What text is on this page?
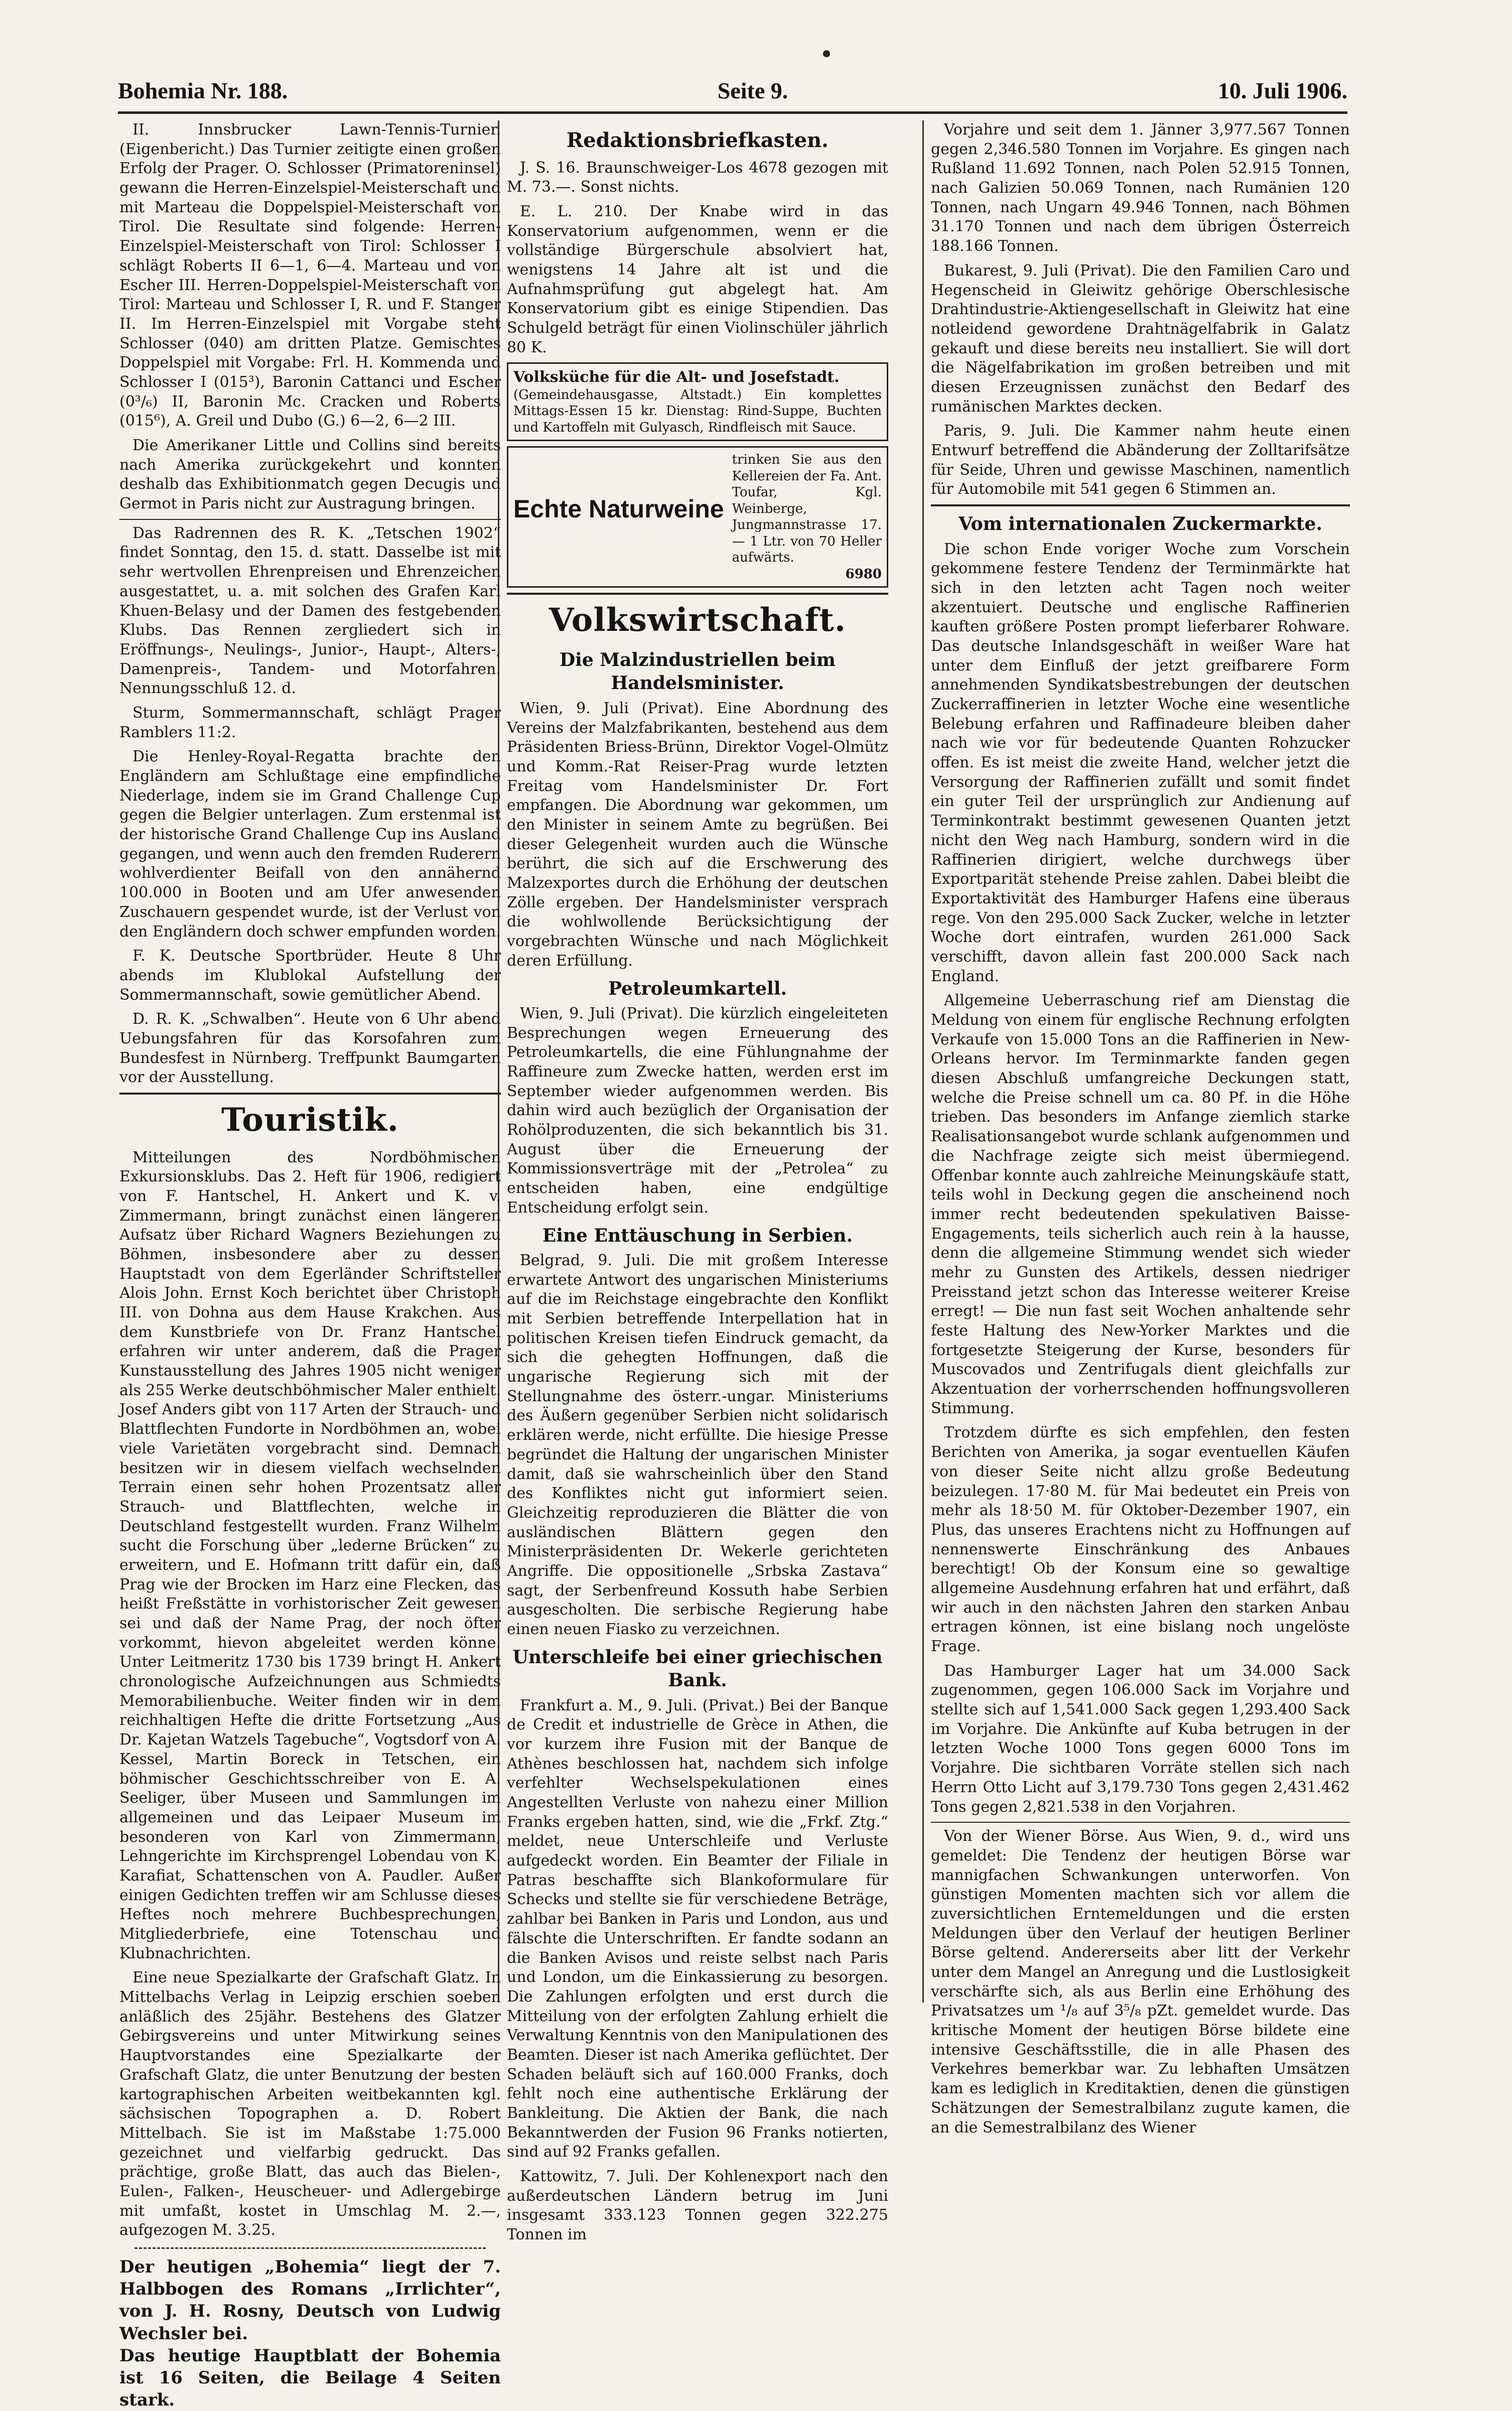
Bohemia Nr. 188.	Seite 9.	10. Juli 1906.

II. Innsbrucker Lawn-Tennis-Turnier. (Eigenbericht.) Das Turnier zeitigte einen großen Erfolg der Prager. O. Schlosser (Primatoreninsel) gewann die Herren-Einzelspiel-Meisterschaft und mit Marteau die Doppelspiel-Meisterschaft von Tirol. Die Resultate sind folgende: Herren-Einzelspiel-Meisterschaft von Tirol: Schlosser I schlägt Roberts II 6—1, 6—4. Marteau und von Escher III. Herren-Doppelspiel-Meisterschaft von Tirol: Marteau und Schlosser I, R. und F. Stanger II. Im Herren-Einzelspiel mit Vorgabe steht Schlosser (040) am dritten Platze. Gemischtes Doppelspiel mit Vorgabe: Frl. H. Kommenda und Schlosser I (015³), Baronin Cattanci und Escher (0³/₆) II, Baronin Mc. Cracken und Roberts (015⁶), A. Greil und Dubo (G.) 6—2, 6—2 III.

Die Amerikaner Little und Collins sind bereits nach Amerika zurückgekehrt und konnten deshalb das Exhibitionmatch gegen Decugis und Germot in Paris nicht zur Austragung bringen.

Das Radrennen des R. K. „Tetschen 1902“ findet Sonntag, den 15. d. statt. Dasselbe ist mit sehr wertvollen Ehrenpreisen und Ehrenzeichen ausgestattet, u. a. mit solchen des Grafen Karl Khuen-Belasy und der Damen des festgebenden Klubs. Das Rennen zergliedert sich in Eröffnungs-, Neulings-, Junior-, Haupt-, Alters-, Damenpreis-, Tandem- und Motorfahren. Nennungsschluß 12. d.

Sturm, Sommermannschaft, schlägt Prager Ramblers 11:2.

Die Henley-Royal-Regatta brachte den Engländern am Schlußtage eine empfindliche Niederlage, indem sie im Grand Challenge Cup gegen die Belgier unterlagen. Zum erstenmal ist der historische Grand Challenge Cup ins Ausland gegangen, und wenn auch den fremden Ruderern wohlverdienter Beifall von den annähernd 100.000 in Booten und am Ufer anwesenden Zuschauern gespendet wurde, ist der Verlust von den Engländern doch schwer empfunden worden.

F. K. Deutsche Sportbrüder. Heute 8 Uhr abends im Klublokal Aufstellung der Sommermannschaft, sowie gemütlicher Abend.

D. R. K. „Schwalben“. Heute von 6 Uhr abend Uebungsfahren für das Korsofahren zum Bundesfest in Nürnberg. Treffpunkt Baumgarten vor der Ausstellung.

Touristik.

Mitteilungen des Nordböhmischen Exkursionsklubs. Das 2. Heft für 1906, redigiert von F. Hantschel, H. Ankert und K. v. Zimmermann, bringt zunächst einen längeren Aufsatz über Richard Wagners Beziehungen zu Böhmen, insbesondere aber zu dessen Hauptstadt von dem Egerländer Schriftsteller Alois John. Ernst Koch berichtet über Christoph III. von Dohna aus dem Hause Krakchen. Aus dem Kunstbriefe von Dr. Franz Hantschel erfahren wir unter anderem, daß die Prager Kunstausstellung des Jahres 1905 nicht weniger als 255 Werke deutschböhmischer Maler enthielt. Josef Anders gibt von 117 Arten der Strauch- und Blattflechten Fundorte in Nordböhmen an, wobei viele Varietäten vorgebracht sind. Demnach besitzen wir in diesem vielfach wechselnden Terrain einen sehr hohen Prozentsatz aller Strauch- und Blattflechten, welche in Deutschland festgestellt wurden. Franz Wilhelm sucht die Forschung über „lederne Brücken“ zu erweitern, und E. Hofmann tritt dafür ein, daß Prag wie der Brocken im Harz eine Flecken, das heißt Freßstätte in vorhistorischer Zeit gewesen sei und daß der Name Prag, der noch öfter vorkommt, hievon abgeleitet werden könne. Unter Leitmeritz 1730 bis 1739 bringt H. Ankert chronologische Aufzeichnungen aus Schmiedts Memorabilienbuche. Weiter finden wir in dem reichhaltigen Hefte die dritte Fortsetzung „Aus Dr. Kajetan Watzels Tagebuche“, Vogtsdorf von A. Kessel, Martin Boreck in Tetschen, ein böhmischer Geschichtsschreiber von E. A. Seeliger, über Museen und Sammlungen im allgemeinen und das Leipaer Museum im besonderen von Karl von Zimmermann, Lehngerichte im Kirchsprengel Lobendau von K. Karafiat, Schattenschen von A. Paudler. Außer einigen Gedichten treffen wir am Schlusse dieses Heftes noch mehrere Buchbesprechungen, Mitgliederbriefe, eine Totenschau und Klubnachrichten.

Eine neue Spezialkarte der Grafschaft Glatz. In Mittelbachs Verlag in Leipzig erschien soeben anläßlich des 25jähr. Bestehens des Glatzer Gebirgsvereins und unter Mitwirkung seines Hauptvorstandes eine Spezialkarte der Grafschaft Glatz, die unter Benutzung der besten kartographischen Arbeiten weitbekannten kgl. sächsischen Topographen a. D. Robert Mittelbach. Sie ist im Maßstabe 1:75.000 gezeichnet und vielfarbig gedruckt. Das prächtige, große Blatt, das auch das Bielen-, Eulen-, Falken-, Heuscheuer- und Adlergebirge mit umfaßt, kostet in Umschlag M. 2.—, aufgezogen M. 3.25.

Der heutigen „Bohemia“ liegt der 7. Halbbogen des Romans „Irrlichter“, von J. H. Rosny, Deutsch von Ludwig Wechsler bei.
Das heutige Hauptblatt der Bohemia ist 16 Seiten, die Beilage 4 Seiten stark.
Redaktionsbriefkasten.

J. S. 16. Braunschweiger-Los 4678 gezogen mit M. 73.—. Sonst nichts.

E. L. 210. Der Knabe wird in das Konservatorium aufgenommen, wenn er die vollständige Bürgerschule absolviert hat, wenigstens 14 Jahre alt ist und die Aufnahmsprüfung gut abgelegt hat. Am Konservatorium gibt es einige Stipendien. Das Schulgeld beträgt für einen Violinschüler jährlich 80 K.

Volksküche für die Alt- und Josefstadt.
(Gemeindehausgasse, Altstadt.) Ein komplettes Mittags-Essen 15 kr. Dienstag: Rind-Suppe, Buchten und Kartoffeln mit Gulyasch, Rindfleisch mit Sauce.
Echte Naturweine
trinken Sie aus den Kellereien der Fa. Ant. Toufar, Kgl. Weinberge, Jungmannstrasse 17. — 1 Ltr. von 70 Heller aufwärts.
6980
Volkswirtschaft.
Die Malzindustriellen beim Handelsminister.

Wien, 9. Juli (Privat). Eine Abordnung des Vereins der Malzfabrikanten, bestehend aus dem Präsidenten Briess-Brünn, Direktor Vogel-Olmütz und Komm.-Rat Reiser-Prag wurde letzten Freitag vom Handelsminister Dr. Fort empfangen. Die Abordnung war gekommen, um den Minister in seinem Amte zu begrüßen. Bei dieser Gelegenheit wurden auch die Wünsche berührt, die sich auf die Erschwerung des Malzexportes durch die Erhöhung der deutschen Zölle ergeben. Der Handelsminister versprach die wohlwollende Berücksichtigung der vorgebrachten Wünsche und nach Möglichkeit deren Erfüllung.

Petroleumkartell.

Wien, 9. Juli (Privat). Die kürzlich eingeleiteten Besprechungen wegen Erneuerung des Petroleumkartells, die eine Fühlungnahme der Raffineure zum Zwecke hatten, werden erst im September wieder aufgenommen werden. Bis dahin wird auch bezüglich der Organisation der Rohölproduzenten, die sich bekanntlich bis 31. August über die Erneuerung der Kommissionsverträge mit der „Petrolea“ zu entscheiden haben, eine endgültige Entscheidung erfolgt sein.

Eine Enttäuschung in Serbien.

Belgrad, 9. Juli. Die mit großem Interesse erwartete Antwort des ungarischen Ministeriums auf die im Reichstage eingebrachte den Konflikt mit Serbien betreffende Interpellation hat in politischen Kreisen tiefen Eindruck gemacht, da sich die gehegten Hoffnungen, daß die ungarische Regierung sich mit der Stellungnahme des österr.-ungar. Ministeriums des Äußern gegenüber Serbien nicht solidarisch erklären werde, nicht erfüllte. Die hiesige Presse begründet die Haltung der ungarischen Minister damit, daß sie wahrscheinlich über den Stand des Konfliktes nicht gut informiert seien. Gleichzeitig reproduzieren die Blätter die von ausländischen Blättern gegen den Ministerpräsidenten Dr. Wekerle gerichteten Angriffe. Die oppositionelle „Srbska Zastava“ sagt, der Serbenfreund Kossuth habe Serbien ausgescholten. Die serbische Regierung habe einen neuen Fiasko zu verzeichnen.

Unterschleife bei einer griechischen Bank.

Frankfurt a. M., 9. Juli. (Privat.) Bei der Banque de Credit et industrielle de Grèce in Athen, die vor kurzem ihre Fusion mit der Banque de Athènes beschlossen hat, nachdem sich infolge verfehlter Wechselspekulationen eines Angestellten Verluste von nahezu einer Million Franks ergeben hatten, sind, wie die „Frkf. Ztg.“ meldet, neue Unterschleife und Verluste aufgedeckt worden. Ein Beamter der Filiale in Patras beschaffte sich Blankoformulare für Schecks und stellte sie für verschiedene Beträge, zahlbar bei Banken in Paris und London, aus und fälschte die Unterschriften. Er fandte sodann an die Banken Avisos und reiste selbst nach Paris und London, um die Einkassierung zu besorgen. Die Zahlungen erfolgten und erst durch die Mitteilung von der erfolgten Zahlung erhielt die Verwaltung Kenntnis von den Manipulationen des Beamten. Dieser ist nach Amerika geflüchtet. Der Schaden beläuft sich auf 160.000 Franks, doch fehlt noch eine authentische Erklärung der Bankleitung. Die Aktien der Bank, die nach Bekanntwerden der Fusion 96 Franks notierten, sind auf 92 Franks gefallen.

Kattowitz, 7. Juli. Der Kohlenexport nach den außerdeutschen Ländern betrug im Juni insgesamt 333.123 Tonnen gegen 322.275 Tonnen im

Vorjahre und seit dem 1. Jänner 3,977.567 Tonnen gegen 2,346.580 Tonnen im Vorjahre. Es gingen nach Rußland 11.692 Tonnen, nach Polen 52.915 Tonnen, nach Galizien 50.069 Tonnen, nach Rumänien 120 Tonnen, nach Ungarn 49.946 Tonnen, nach Böhmen 31.170 Tonnen und nach dem übrigen Österreich 188.166 Tonnen.

Bukarest, 9. Juli (Privat). Die den Familien Caro und Hegenscheid in Gleiwitz gehörige Oberschlesische Drahtindustrie-Aktiengesellschaft in Gleiwitz hat eine notleidend gewordene Drahtnägelfabrik in Galatz gekauft und diese bereits neu installiert. Sie will dort die Nägelfabrikation im großen betreiben und mit diesen Erzeugnissen zunächst den Bedarf des rumänischen Marktes decken.

Paris, 9. Juli. Die Kammer nahm heute einen Entwurf betreffend die Abänderung der Zolltarifsätze für Seide, Uhren und gewisse Maschinen, namentlich für Automobile mit 541 gegen 6 Stimmen an.

Vom internationalen Zuckermarkte.

Die schon Ende voriger Woche zum Vorschein gekommene festere Tendenz der Terminmärkte hat sich in den letzten acht Tagen noch weiter akzentuiert. Deutsche und englische Raffinerien kauften größere Posten prompt lieferbarer Rohware. Das deutsche Inlandsgeschäft in weißer Ware hat unter dem Einfluß der jetzt greifbarere Form annehmenden Syndikatsbestrebungen der deutschen Zuckerraffinerien in letzter Woche eine wesentliche Belebung erfahren und Raffinadeure bleiben daher nach wie vor für bedeutende Quanten Rohzucker offen. Es ist meist die zweite Hand, welcher jetzt die Versorgung der Raffinerien zufällt und somit findet ein guter Teil der ursprünglich zur Andienung auf Terminkontrakt bestimmt gewesenen Quanten jetzt nicht den Weg nach Hamburg, sondern wird in die Raffinerien dirigiert, welche durchwegs über Exportparität stehende Preise zahlen. Dabei bleibt die Exportaktivität des Hamburger Hafens eine überaus rege. Von den 295.000 Sack Zucker, welche in letzter Woche dort eintrafen, wurden 261.000 Sack verschifft, davon allein fast 200.000 Sack nach England.

Allgemeine Ueberraschung rief am Dienstag die Meldung von einem für englische Rechnung erfolgten Verkaufe von 15.000 Tons an die Raffinerien in New-Orleans hervor. Im Terminmarkte fanden gegen diesen Abschluß umfangreiche Deckungen statt, welche die Preise schnell um ca. 80 Pf. in die Höhe trieben. Das besonders im Anfange ziemlich starke Realisationsangebot wurde schlank aufgenommen und die Nachfrage zeigte sich meist übermiegend. Offenbar konnte auch zahlreiche Meinungskäufe statt, teils wohl in Deckung gegen die anscheinend noch immer recht bedeutenden spekulativen Baisse-Engagements, teils sicherlich auch rein à la hausse, denn die allgemeine Stimmung wendet sich wieder mehr zu Gunsten des Artikels, dessen niedriger Preisstand jetzt schon das Interesse weiterer Kreise erregt! — Die nun fast seit Wochen anhaltende sehr feste Haltung des New-Yorker Marktes und die fortgesetzte Steigerung der Kurse, besonders für Muscovados und Zentrifugals dient gleichfalls zur Akzentuation der vorherrschenden hoffnungsvolleren Stimmung.

Trotzdem dürfte es sich empfehlen, den festen Berichten von Amerika, ja sogar eventuellen Käufen von dieser Seite nicht allzu große Bedeutung beizulegen. 17·80 M. für Mai bedeutet ein Preis von mehr als 18·50 M. für Oktober-Dezember 1907, ein Plus, das unseres Erachtens nicht zu Hoffnungen auf nennenswerte Einschränkung des Anbaues berechtigt! Ob der Konsum eine so gewaltige allgemeine Ausdehnung erfahren hat und erfährt, daß wir auch in den nächsten Jahren den starken Anbau ertragen können, ist eine bislang noch ungelöste Frage.

Das Hamburger Lager hat um 34.000 Sack zugenommen, gegen 106.000 Sack im Vorjahre und stellte sich auf 1,541.000 Sack gegen 1,293.400 Sack im Vorjahre. Die Ankünfte auf Kuba betrugen in der letzten Woche 1000 Tons gegen 6000 Tons im Vorjahre. Die sichtbaren Vorräte stellen sich nach Herrn Otto Licht auf 3,179.730 Tons gegen 2,431.462 Tons gegen 2,821.538 in den Vorjahren.

Von der Wiener Börse. Aus Wien, 9. d., wird uns gemeldet: Die Tendenz der heutigen Börse war mannigfachen Schwankungen unterworfen. Von günstigen Momenten machten sich vor allem die zuversichtlichen Erntemeldungen und die ersten Meldungen über den Verlauf der heutigen Berliner Börse geltend. Andererseits aber litt der Verkehr unter dem Mangel an Anregung und die Lustlosigkeit verschärfte sich, als aus Berlin eine Erhöhung des Privatsatzes um ¹/₈ auf 3⁵/₈ pZt. gemeldet wurde. Das kritische Moment der heutigen Börse bildete eine intensive Geschäftsstille, die in alle Phasen des Verkehres bemerkbar war. Zu lebhaften Umsätzen kam es lediglich in Kreditaktien, denen die günstigen Schätzungen der Semestralbilanz zugute kamen, die an die Semestralbilanz des Wiener
